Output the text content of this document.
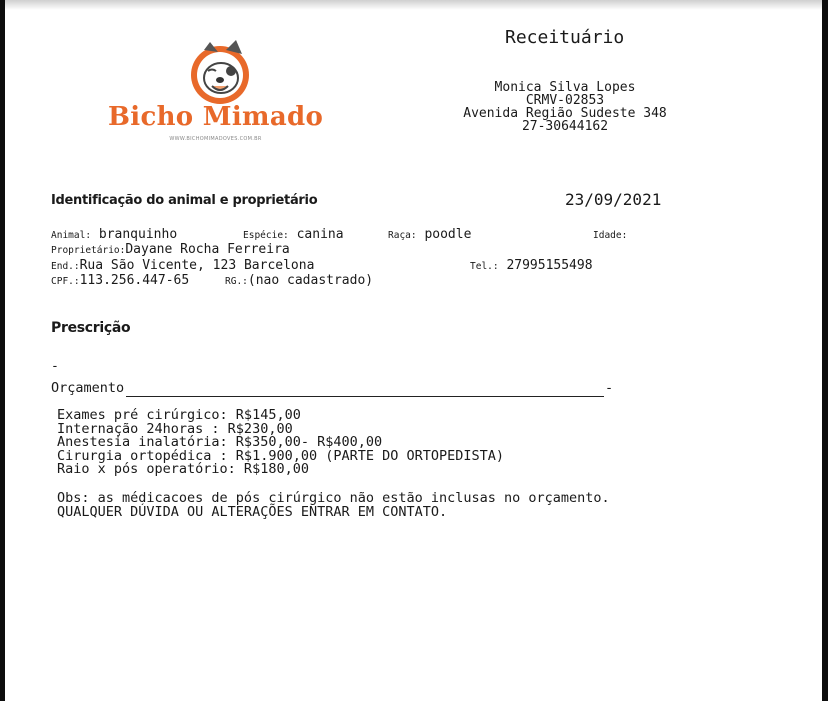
Bicho Mimado
WWW.BICHOMIMADOVES.COM.BR
Receituário
Monica Silva Lopes
CRMV-02853
Avenida Região Sudeste 348
27-30644162
Identificação do animal e proprietário	23/09/2021
Animal: branquinho	Espécie: canina	Raça: poodle	Idade:
Proprietário:Dayane Rocha Ferreira
End.:Rua São Vicente, 123 Barcelona	Tel.: 27995155498
CPF.:113.256.447-65	RG.:(nao cadastrado)
Prescrição
-
Orçamento	-
Exames pré cirúrgico: R$145,00
Internação 24horas : R$230,00
Anestesia inalatória: R$350,00- R$400,00
Cirurgia ortopédica : R$1.900,00 (PARTE DO ORTOPEDISTA)
Raio x pós operatório: R$180,00
Obs: as médicacoes de pós cirúrgico não estão inclusas no orçamento.
QUALQUER DÚVIDA OU ALTERAÇÕES ENTRAR EM CONTATO.
